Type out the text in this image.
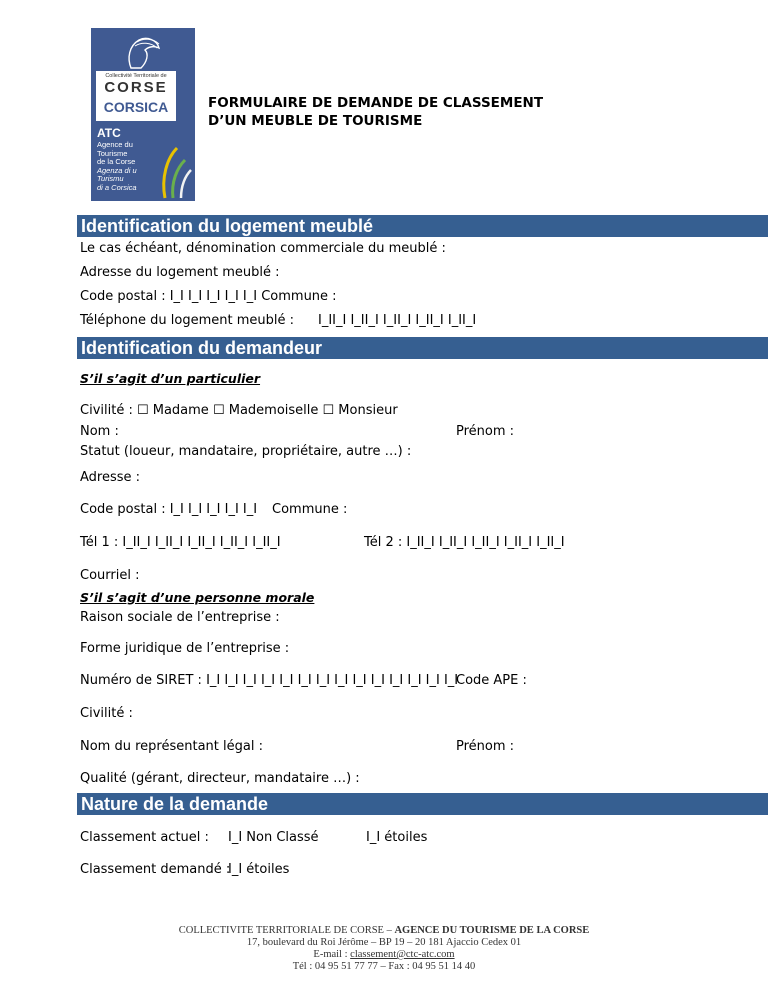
Collectivité Territoriale de
CORSE
CORSICA
ATC
Agence du
Tourisme
de la Corse
Agenza di u
Turismu
di a Corsica
FORMULAIRE DE DEMANDE DE CLASSEMENT
D’UN MEUBLE DE TOURISME
Identification du logement meublé
Le cas échéant, dénomination commerciale du meublé :
Adresse du logement meublé :
Code postal : I_I I_I I_I I_I I_I Commune :
Téléphone du logement meublé : I_II_I I_II_I I_II_I I_II_I I_II_I
Identification du demandeur
S’il s’agit d’un particulier
Civilité : ☐ Madame ☐ Mademoiselle ☐ Monsieur
Nom :	Prénom :
Statut (loueur, mandataire, propriétaire, autre …) :
Adresse :
Code postal : I_I I_I I_I I_I I_I Commune :
Tél 1 : I_II_I I_II_I I_II_I I_II_I I_II_I	Tél 2 : I_II_I I_II_I I_II_I I_II_I I_II_I
Courriel :
S’il s’agit d’une personne morale
Raison sociale de l’entreprise :
Forme juridique de l’entreprise :
Numéro de SIRET : I_I I_I I_I I_I I_I I_I I_I I_I I_I I_I I_I I_I I_I I_I
Code APE :
Civilité :
Nom du représentant légal :	Prénom :
Qualité (gérant, directeur, mandataire …) :
Nature de la demande
Classement actuel : I_I Non Classé	I_I étoiles
Classement demandé :
I_I étoiles
COLLECTIVITE TERRITORIALE DE CORSE – AGENCE DU TOURISME DE LA CORSE
17, boulevard du Roi Jérôme – BP 19 – 20 181 Ajaccio Cedex 01
E-mail : classement@ctc-atc.com
Tél : 04 95 51 77 77 – Fax : 04 95 51 14 40
